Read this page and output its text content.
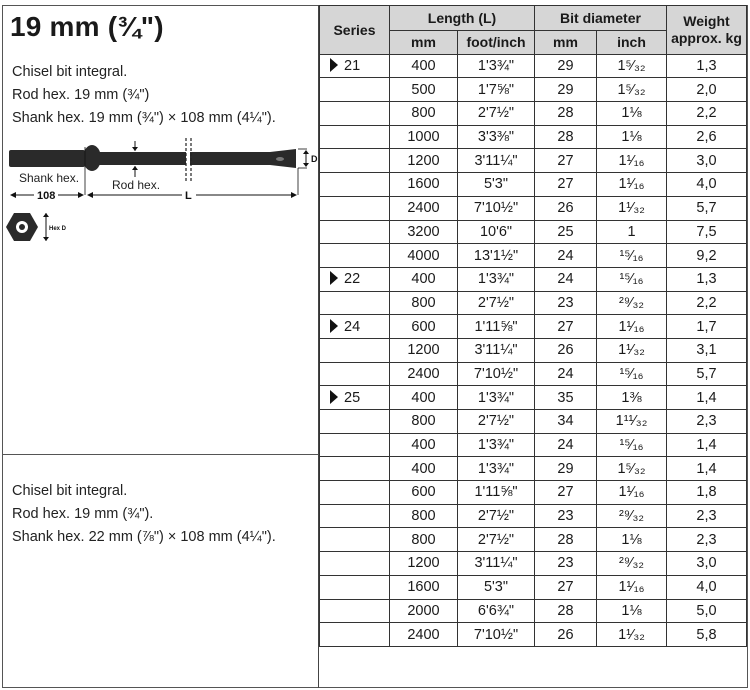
19 mm (¾")
Chisel bit integral.
Rod hex. 19 mm (¾")
Shank hex. 19 mm (¾") × 108 mm (4¼").
D
Shank hex.	Rod hex.
108	L
Hex D
Chisel bit integral.
Rod hex. 19 mm (¾").
Shank hex. 22 mm (⅞") × 108 mm (4¼").
Series	Length (L)		Bit diameter		Weight approx. kg
	mm	foot/inch	mm	inch	
21	400	1'3¾"	29	1⁵⁄₃₂	1,3
	500	1'7⅝"	29	1⁵⁄₃₂	2,0
	800	2'7½"	28	1⅛	2,2
	1000	3'3⅜"	28	1⅛	2,6
	1200	3'11¼"	27	1¹⁄₁₆	3,0
	1600	5'3"	27	1¹⁄₁₆	4,0
	2400	7'10½"	26	1¹⁄₃₂	5,7
	3200	10'6"	25	1	7,5
	4000	13'1½"	24	¹⁵⁄₁₆	9,2
22	400	1'3¾"	24	¹⁵⁄₁₆	1,3
	800	2'7½"	23	²⁹⁄₃₂	2,2
24	600	1'11⅝"	27	1¹⁄₁₆	1,7
	1200	3'11¼"	26	1¹⁄₃₂	3,1
	2400	7'10½"	24	¹⁵⁄₁₆	5,7
25	400	1'3¾"	35	1⅜	1,4
	800	2'7½"	34	1¹¹⁄₃₂	2,3
	400	1'3¾"	24	¹⁵⁄₁₆	1,4
	400	1'3¾"	29	1⁵⁄₃₂	1,4
	600	1'11⅝"	27	1¹⁄₁₆	1,8
	800	2'7½"	23	²⁹⁄₃₂	2,3
	800	2'7½"	28	1⅛	2,3
	1200	3'11¼"	23	²⁹⁄₃₂	3,0
	1600	5'3"	27	1¹⁄₁₆	4,0
	2000	6'6¾"	28	1⅛	5,0
	2400	7'10½"	26	1¹⁄₃₂	5,8
